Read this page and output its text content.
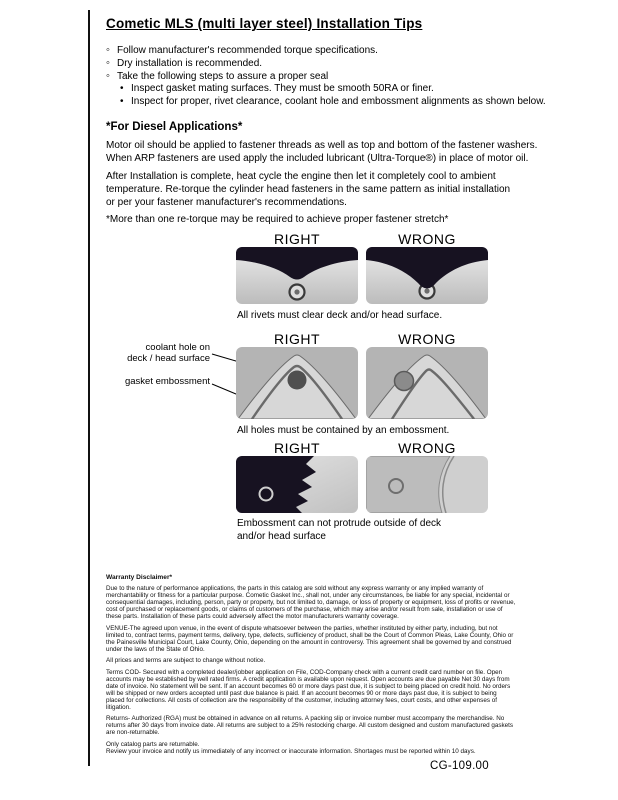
Cometic MLS (multi layer steel) Installation Tips
◦
Follow manufacturer's recommended torque specifications.
◦
Dry installation is recommended.
◦
Take the following steps to assure a proper seal
•
Inspect gasket mating surfaces. They must be smooth 50RA or finer.
•
Inspect for proper, rivet clearance, coolant hole and embossment alignments as shown below.
*For Diesel Applications*
Motor oil should be applied to fastener threads as well as top and bottom of the fastener washers.
When ARP fasteners are used apply the included lubricant (Ultra-Torque®) in place of motor oil.
After Installation is complete, heat cycle the engine then let it completely cool to ambient
temperature. Re-torque the cylinder head fasteners in the same pattern as initial installation
or per your fastener manufacturer's recommendations.
*More than one re-torque may be required to achieve proper fastener stretch*
RIGHT	WRONG
All rivets must clear deck and/or head surface.
RIGHT	WRONG
coolant hole on
deck / head surface
gasket embossment
All holes must be contained by an embossment.
RIGHT	WRONG
Embossment can not protrude outside of deck
and/or head surface
Warranty Disclaimer*

Due to the nature of performance applications, the parts in this catalog are sold without any express warranty or any implied warranty of merchantability or fitness for a particular purpose. Cometic Gasket Inc., shall not, under any circumstances, be liable for any special, incidental or consequential damages, including, person, party or property, but not limited to, damage, or loss of property or equipment, loss of profits or revenue, cost of purchased or replacement goods, or claims of customers of the purchase, which may arise and/or result from sale, installation or use of these parts. Installation of these parts could adversely affect the motor manufacturers warranty coverage.

VENUE-The agreed upon venue, in the event of dispute whatsoever between the parties, whether instituted by either party, including, but not limited to, contract terms, payment terms, delivery, type, defects, sufficiency of product, shall be the Court of Common Pleas, Lake County, Ohio or the Painesville Municipal Court, Lake County, Ohio, depending on the amount in controversy. This agreement shall be governed by and construed under the laws of the State of Ohio.

All prices and terms are subject to change without notice.

Terms COD- Secured with a completed dealer/jobber application on File, COD-Company check with a current credit card number on file. Open accounts may be established by well rated firms. A credit application is available upon request. Open accounts are due payable Net 30 days from date of invoice. No statement will be sent. If an account becomes 60 or more days past due, it is subject to being placed on credit hold. No orders will be shipped or new orders accepted until past due balance is paid. If an account becomes 90 or more days past due, it is subject to being placed for collections. All costs of collection are the responsibility of the customer, including attorney fees, court costs, and other expenses of litigation.

Returns- Authorized (RGA) must be obtained in advance on all returns. A packing slip or invoice number must accompany the merchandise. No returns after 30 days from invoice date. All returns are subject to a 25% restocking charge. All custom designed and custom manufactured gaskets are non-returnable.

Only catalog parts are returnable.

Review your invoice and notify us immediately of any incorrect or inaccurate information. Shortages must be reported within 10 days.

CG-109.00
